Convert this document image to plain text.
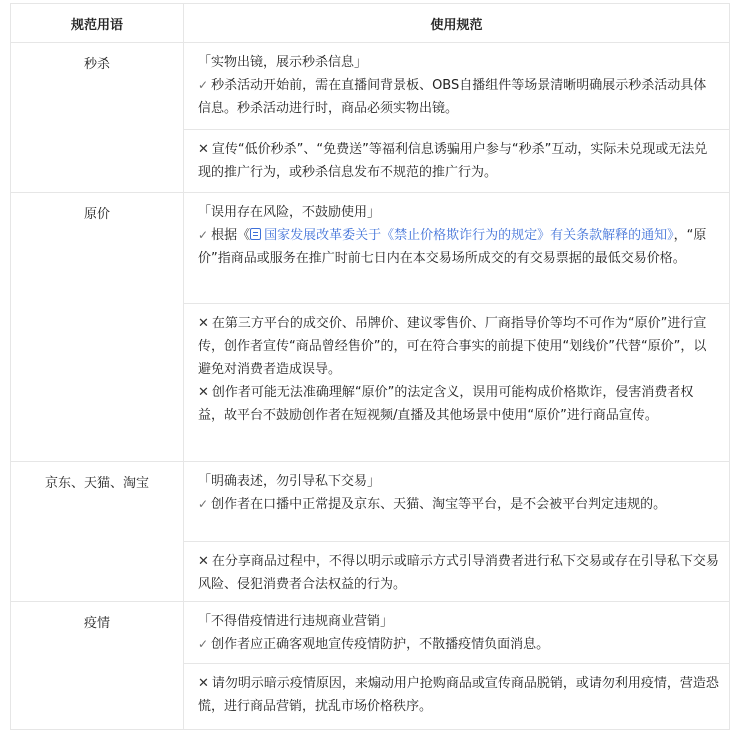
规范用语	使用规范
秒杀	「实物出镜，展示秒杀信息」
✓ 秒杀活动开始前，需在直播间背景板、OBS自播组件等场景清晰明确展示秒杀活动具体信息。秒杀活动进行时，商品必须实物出镜。
	✕ 宣传“低价秒杀”、“免费送”等福利信息诱骗用户参与“秒杀”互动，实际未兑现或无法兑现的推广行为，或秒杀信息发布不规范的推广行为。
原价	「误用存在风险，不鼓励使用」
✓ 根据《 国家发展改革委关于《禁止价格欺诈行为的规定》有关条款解释的通知》，“原价”指商品或服务在推广时前七日内在本交易场所成交的有交易票据的最低交易价格。

	✕ 在第三方平台的成交价、吊牌价、建议零售价、厂商指导价等均不可作为“原价”进行宣传，创作者宣传“商品曾经售价”的，可在符合事实的前提下使用“划线价”代替“原价”，以避免对消费者造成误导。
✕ 创作者可能无法准确理解“原价”的法定含义，误用可能构成价格欺诈，侵害消费者权益，故平台不鼓励创作者在短视频/直播及其他场景中使用“原价”进行商品宣传。

京东、天猫、淘宝	「明确表述，勿引导私下交易」
✓ 创作者在口播中正常提及京东、天猫、淘宝等平台，是不会被平台判定违规的。
	✕ 在分享商品过程中，不得以明示或暗示方式引导消费者进行私下交易或存在引导私下交易风险、侵犯消费者合法权益的行为。
疫情	「不得借疫情进行违规商业营销」
✓ 创作者应正确客观地宣传疫情防护，不散播疫情负面消息。
	✕ 请勿明示暗示疫情原因，来煽动用户抢购商品或宣传商品脱销，或请勿利用疫情，营造恐慌，进行商品营销，扰乱市场价格秩序。
